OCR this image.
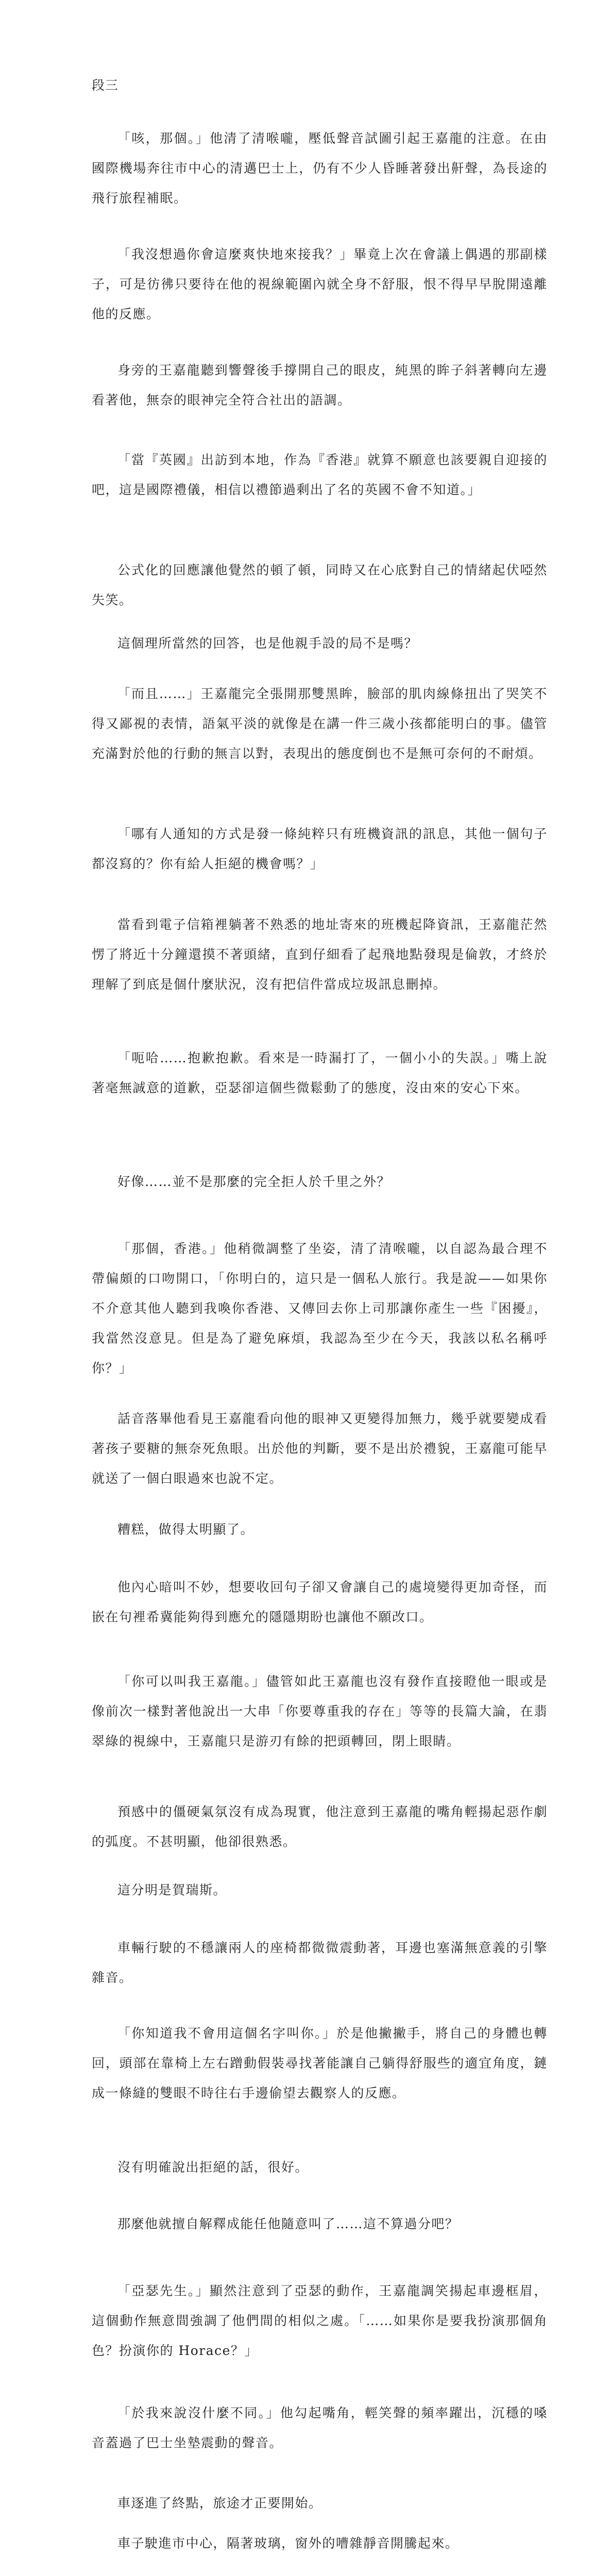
段三

「咳，那個。」他清了清喉嚨，壓低聲音試圖引起王嘉龍的注意。在由國際機場奔往市中心的清邁巴士上，仍有不少人昏睡著發出鼾聲，為長途的飛行旅程補眠。

「我沒想過你會這麼爽快地來接我？」畢竟上次在會議上偶遇的那副樣子，可是彷彿只要待在他的視線範圍內就全身不舒服，恨不得早早脫開遠離他的反應。

身旁的王嘉龍聽到響聲後手撐開自己的眼皮，純黑的眸子斜著轉向左邊看著他，無奈的眼神完全符合社出的語調。

「當『英國』出訪到本地，作為『香港』就算不願意也該要親自迎接的吧，這是國際禮儀，相信以禮節過剩出了名的英國不會不知道。」

公式化的回應讓他覺然的頓了頓，同時又在心底對自己的情緒起伏啞然失笑。

這個理所當然的回答，也是他親手設的局不是嗎？

「而且……」王嘉龍完全張開那雙黑眸，臉部的肌肉線條扭出了哭笑不得又鄙視的表情，語氣平淡的就像是在講一件三歲小孩都能明白的事。儘管充滿對於他的行動的無言以對，表現出的態度倒也不是無可奈何的不耐煩。

「哪有人通知的方式是發一條純粹只有班機資訊的訊息，其他一個句子都沒寫的？你有給人拒絕的機會嗎？」

當看到電子信箱裡躺著不熟悉的地址寄來的班機起降資訊，王嘉龍茫然愣了將近十分鐘還摸不著頭緒，直到仔細看了起飛地點發現是倫敦，才終於理解了到底是個什麼狀況，沒有把信件當成垃圾訊息刪掉。

「呃哈……抱歉抱歉。看來是一時漏打了，一個小小的失誤。」嘴上說著毫無誠意的道歉，亞瑟卻這個些微鬆動了的態度，沒由來的安心下來。

好像……並不是那麼的完全拒人於千里之外？

「那個，香港。」他稍微調整了坐姿，清了清喉嚨，以自認為最合理不帶偏頗的口吻開口，「你明白的，這只是一個私人旅行。我是說——如果你不介意其他人聽到我喚你香港、又傳回去你上司那讓你產生一些『困擾』，我當然沒意見。但是為了避免麻煩，我認為至少在今天，我該以私名稱呼你？」

話音落畢他看見王嘉龍看向他的眼神又更變得加無力，幾乎就要變成看著孩子要糖的無奈死魚眼。出於他的判斷，要不是出於禮貌，王嘉龍可能早就送了一個白眼過來也說不定。

糟糕，做得太明顯了。

他內心暗叫不妙，想要收回句子卻又會讓自己的處境變得更加奇怪，而嵌在句裡希冀能夠得到應允的隱隱期盼也讓他不願改口。

「你可以叫我王嘉龍。」儘管如此王嘉龍也沒有發作直接瞪他一眼或是像前次一樣對著他說出一大串「你要尊重我的存在」等等的長篇大論，在翡翠綠的視線中，王嘉龍只是游刃有餘的把頭轉回，閉上眼睛。

預感中的僵硬氣氛沒有成為現實，他注意到王嘉龍的嘴角輕揚起惡作劇的弧度。不甚明顯，他卻很熟悉。

這分明是賀瑞斯。

車輛行駛的不穩讓兩人的座椅都微微震動著，耳邊也塞滿無意義的引擎雜音。

「你知道我不會用這個名字叫你。」於是他撇撇手，將自己的身體也轉回，頭部在靠椅上左右蹭動假裝尋找著能讓自己躺得舒服些的適宜角度，鏈成一條縫的雙眼不時往右手邊偷望去觀察人的反應。

沒有明確說出拒絕的話，很好。

那麼他就擅自解釋成能任他隨意叫了……這不算過分吧？

「亞瑟先生。」顯然注意到了亞瑟的動作，王嘉龍調笑揚起車邊框眉，這個動作無意間強調了他們間的相似之處。「……如果你是要我扮演那個角色？扮演你的 Horace？」

「於我來說沒什麼不同。」他勾起嘴角，輕笑聲的頻率躍出，沉穩的嗓音蓋過了巴士坐墊震動的聲音。

車逐進了終點，旅途才正要開始。

車子駛進市中心，隔著玻璃，窗外的嘈雜靜音開騰起來。
